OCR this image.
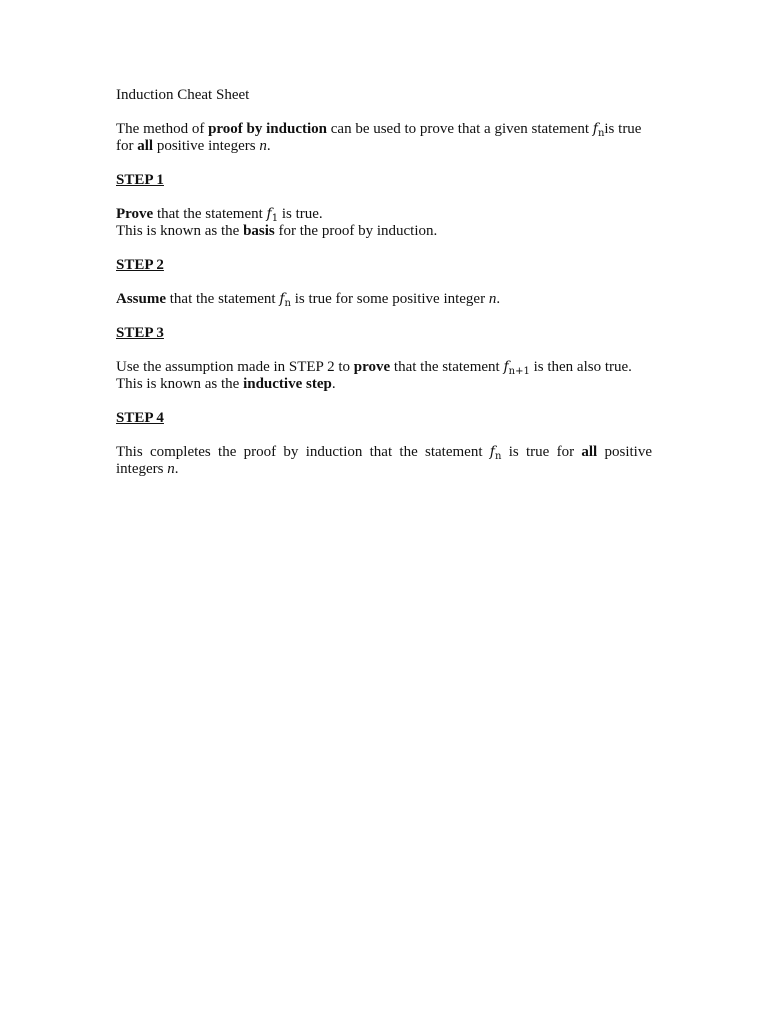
Induction Cheat Sheet
The method of proof by induction can be used to prove that a given statement $f_nis$ true
for all positive integers n.
STEP 1
Prove that the statement $f_1$ is true.
This is known as the basis for the proof by induction.
STEP 2
Assume that the statement $f_n$ is true for some positive integer n.
STEP 3
Use the assumption made in STEP 2 to prove that the statement $f_{n+1}$ is then also true.
This is known as the inductive step.
STEP 4
This completes the proof by induction that the statement $f_n$ is true for all positive
integers n.
